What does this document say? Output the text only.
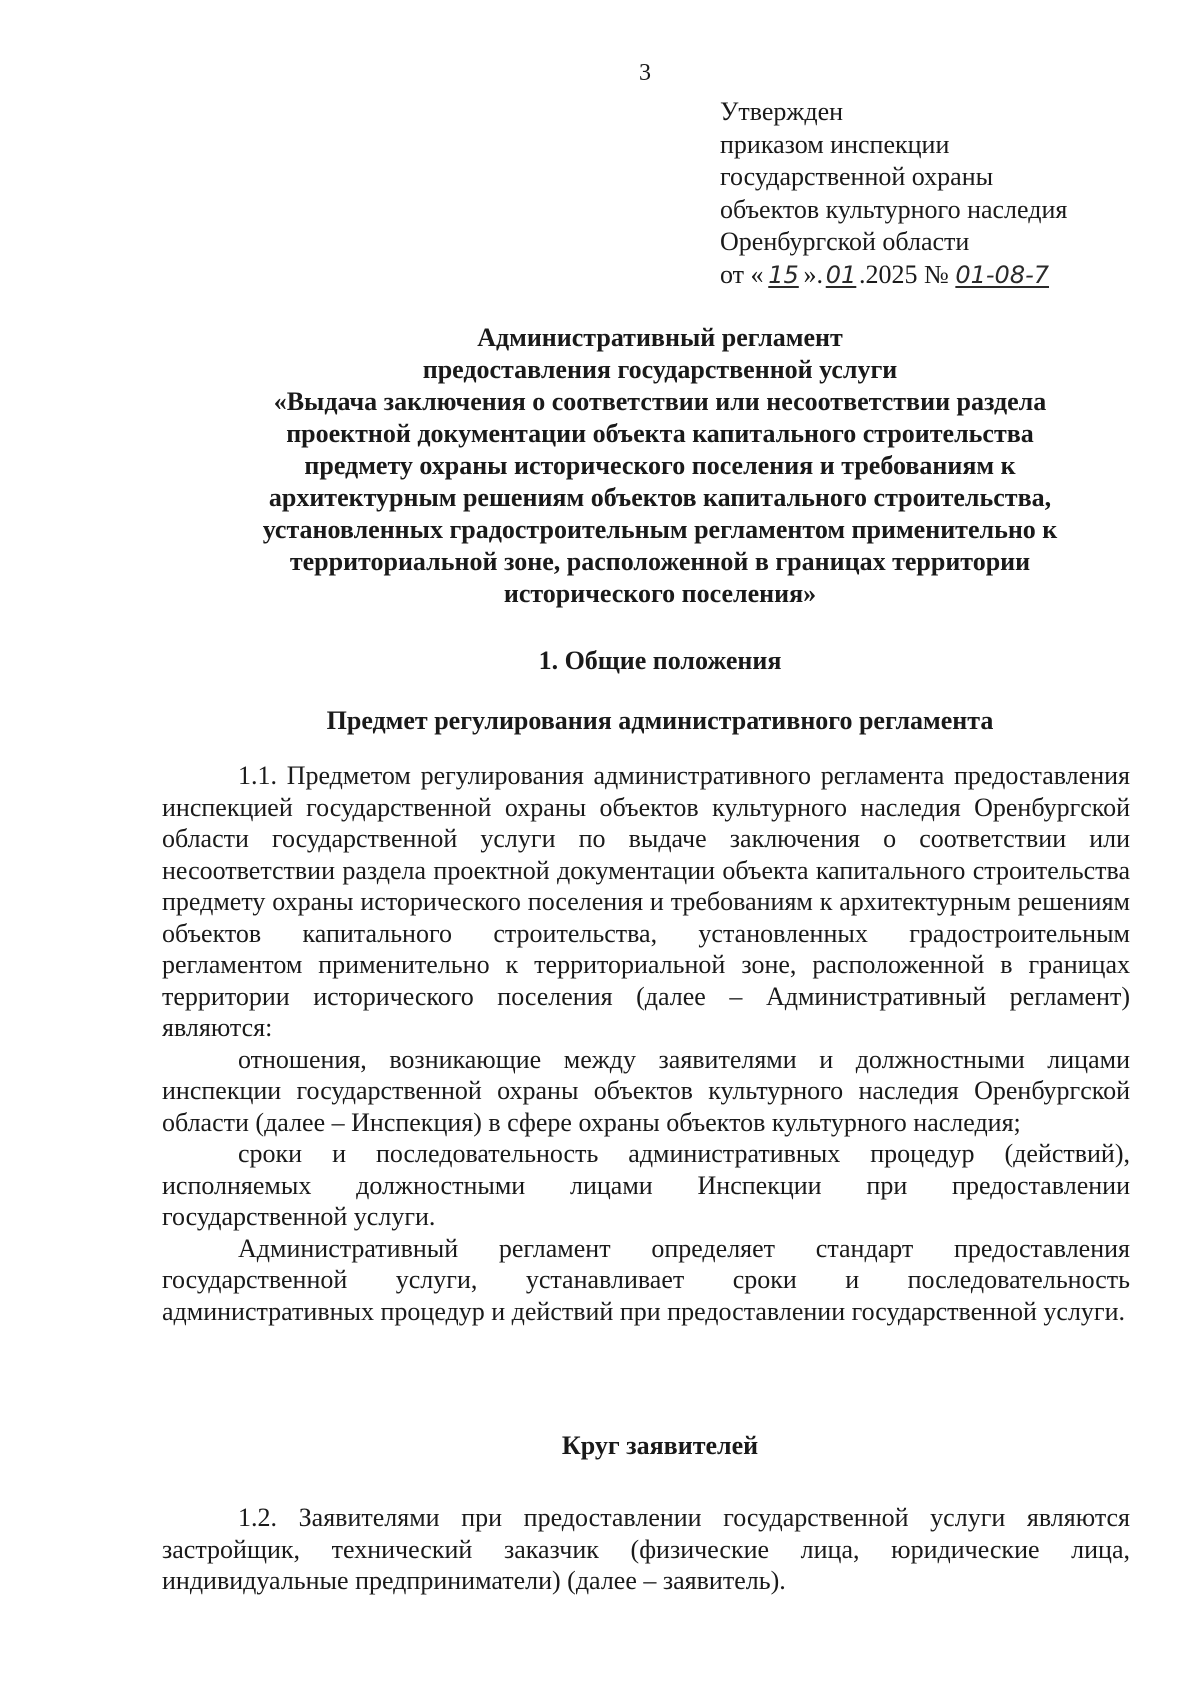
3
Утвержден
приказом инспекции
государственной охраны
объектов культурного наследия
Оренбургской области
от « 15 ». 01 .2025 № 01-08-7
Административный регламент
предоставления государственной услуги
«Выдача заключения о соответствии или несоответствии раздела
проектной документации объекта капитального строительства
предмету охраны исторического поселения и требованиям к
архитектурным решениям объектов капитального строительства,
установленных градостроительным регламентом применительно к
территориальной зоне, расположенной в границах территории
исторического поселения»
1. Общие положения
Предмет регулирования административного регламента

1.1. Предметом регулирования административного регламента предоставления инспекцией государственной охраны объектов культурного наследия Оренбургской области государственной услуги по выдаче заключения о соответствии или несоответствии раздела проектной документации объекта капитального строительства предмету охраны исторического поселения и требованиям к архитектурным решениям объектов капитального строительства, установленных градостроительным регламентом применительно к территориальной зоне, расположенной в границах территории исторического поселения (далее – Административный регламент) являются:

отношения, возникающие между заявителями и должностными лицами инспекции государственной охраны объектов культурного наследия Оренбургской области (далее – Инспекция) в сфере охраны объектов культурного наследия;

сроки и последовательность административных процедур (действий), исполняемых должностными лицами Инспекции при предоставлении государственной услуги.

Административный регламент определяет стандарт предоставления государственной услуги, устанавливает сроки и последовательность административных процедур и действий при предоставлении государственной услуги.

Круг заявителей

1.2. Заявителями при предоставлении государственной услуги являются застройщик, технический заказчик (физические лица, юридические лица, индивидуальные предприниматели) (далее – заявитель).
